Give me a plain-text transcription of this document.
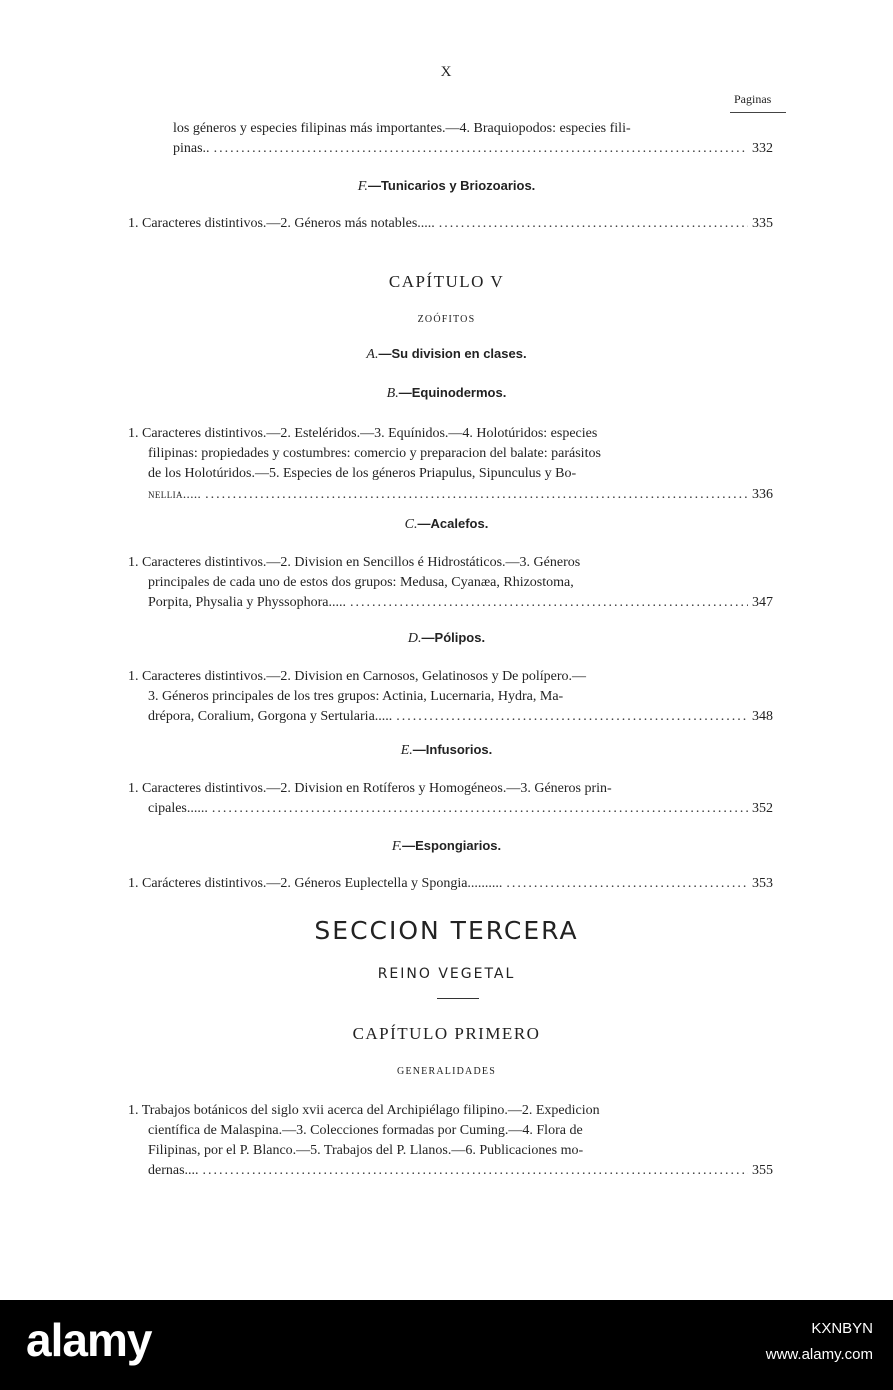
X
Paginas
los géneros y especies filipinas más importantes.—4. Braquiopodos: especies fili-
pinas.. .....	332
F.—Tunicarios y Briozoarios.
1. Caracteres distintivos.—2. Géneros más notables..... .....	335
CAPÍTULO V
ZOÓFITOS
A.—Su division en clases.
B.—Equinodermos.
1. Caracteres distintivos.—2. Esteléridos.—3. Equínidos.—4. Holotúridos: especies
filipinas: propiedades y costumbres: comercio y preparacion del balate: parásitos
de los Holotúridos.—5. Especies de los géneros Priapulus, Sipunculus y Bo-
nellia..... .....	336
C.—Acalefos.
1. Caracteres distintivos.—2. Division en Sencillos é Hidrostáticos.—3. Géneros
principales de cada uno de estos dos grupos: Medusa, Cyanæa, Rhizostoma,
Porpita, Physalia y Physsophora..... .....	347
D.—Pólipos.
1. Caracteres distintivos.—2. Division en Carnosos, Gelatinosos y De polípero.—
3. Géneros principales de los tres grupos: Actinia, Lucernaria, Hydra, Ma-
drépora, Coralium, Gorgona y Sertularia..... .....	348
E.—Infusorios.
1. Caracteres distintivos.—2. Division en Rotíferos y Homogéneos.—3. Géneros prin-
cipales...... .....	352
F.—Espongiarios.
1. Carácteres distintivos.—2. Géneros Euplectella y Spongia.......... .....	353
SECCION TERCERA
REINO VEGETAL
CAPÍTULO PRIMERO
GENERALIDADES
1. Trabajos botánicos del siglo xvii acerca del Archipiélago filipino.—2. Expedicion
científica de Malaspina.—3. Colecciones formadas por Cuming.—4. Flora de
Filipinas, por el P. Blanco.—5. Trabajos del P. Llanos.—6. Publicaciones mo-
dernas.... .....	355
alamy	KXNBYN
www.alamy.com
